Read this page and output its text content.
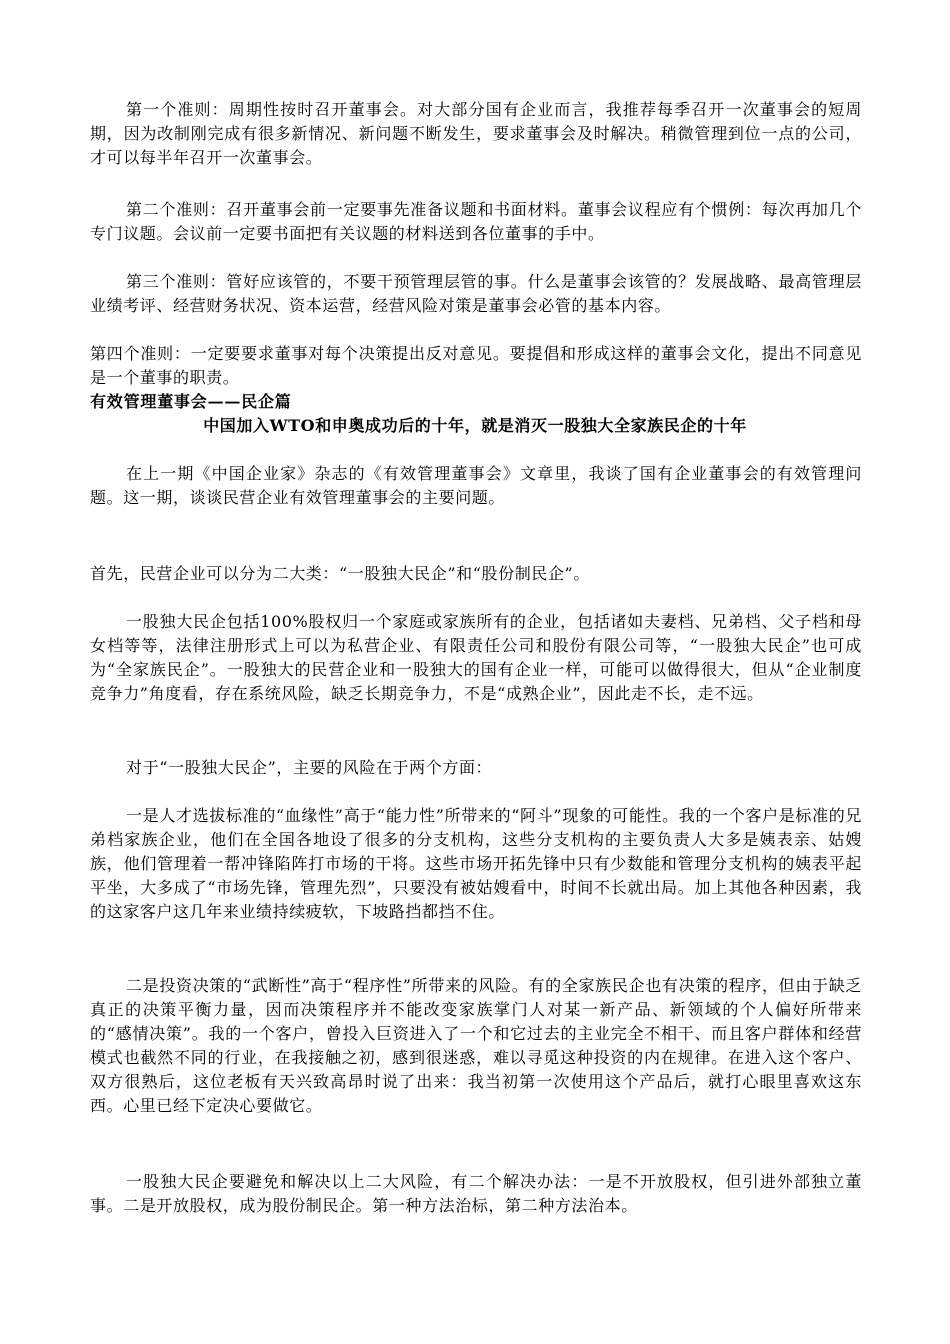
第一个准则：周期性按时召开董事会。对大部分国有企业而言，我推荐每季召开一次董事会的短周期，因为改制刚完成有很多新情况、新问题不断发生，要求董事会及时解决。稍微管理到位一点的公司，才可以每半年召开一次董事会。
第二个准则：召开董事会前一定要事先准备议题和书面材料。董事会议程应有个惯例：每次再加几个专门议题。会议前一定要书面把有关议题的材料送到各位董事的手中。
第三个准则：管好应该管的，不要干预管理层管的事。什么是董事会该管的？发展战略、最高管理层业绩考评、经营财务状况、资本运营，经营风险对策是董事会必管的基本内容。
第四个准则：一定要要求董事对每个决策提出反对意见。要提倡和形成这样的董事会文化，提出不同意见是一个董事的职责。
有效管理董事会——民企篇
中国加入WTO和申奥成功后的十年，就是消灭一股独大全家族民企的十年
在上一期《中国企业家》杂志的《有效管理董事会》文章里，我谈了国有企业董事会的有效管理问题。这一期，谈谈民营企业有效管理董事会的主要问题。
首先，民营企业可以分为二大类：“一股独大民企”和“股份制民企”。
一股独大民企包括100%股权归一个家庭或家族所有的企业，包括诸如夫妻档、兄弟档、父子档和母女档等等，法律注册形式上可以为私营企业、有限责任公司和股份有限公司等，“一股独大民企”也可成为“全家族民企”。一股独大的民营企业和一股独大的国有企业一样，可能可以做得很大，但从“企业制度竞争力”角度看，存在系统风险，缺乏长期竞争力，不是“成熟企业”，因此走不长，走不远。
对于“一股独大民企”，主要的风险在于两个方面：
一是人才选拔标准的“血缘性”高于“能力性”所带来的“阿斗”现象的可能性。我的一个客户是标准的兄弟档家族企业，他们在全国各地设了很多的分支机构，这些分支机构的主要负责人大多是姨表亲、姑嫂族，他们管理着一帮冲锋陷阵打市场的干将。这些市场开拓先锋中只有少数能和管理分支机构的姨表平起平坐，大多成了“市场先锋，管理先烈”，只要没有被姑嫂看中，时间不长就出局。加上其他各种因素，我的这家客户这几年来业绩持续疲软，下坡路挡都挡不住。
二是投资决策的“武断性”高于“程序性”所带来的风险。有的全家族民企也有决策的程序，但由于缺乏真正的决策平衡力量，因而决策程序并不能改变家族掌门人对某一新产品、新领域的个人偏好所带来的“感情决策”。我的一个客户，曾投入巨资进入了一个和它过去的主业完全不相干、而且客户群体和经营模式也截然不同的行业，在我接触之初，感到很迷惑，难以寻觅这种投资的内在规律。在进入这个客户、双方很熟后，这位老板有天兴致高昂时说了出来：我当初第一次使用这个产品后，就打心眼里喜欢这东西。心里已经下定决心要做它。
一股独大民企要避免和解决以上二大风险，有二个解决办法：一是不开放股权，但引进外部独立董事。二是开放股权，成为股份制民企。第一种方法治标，第二种方法治本。
